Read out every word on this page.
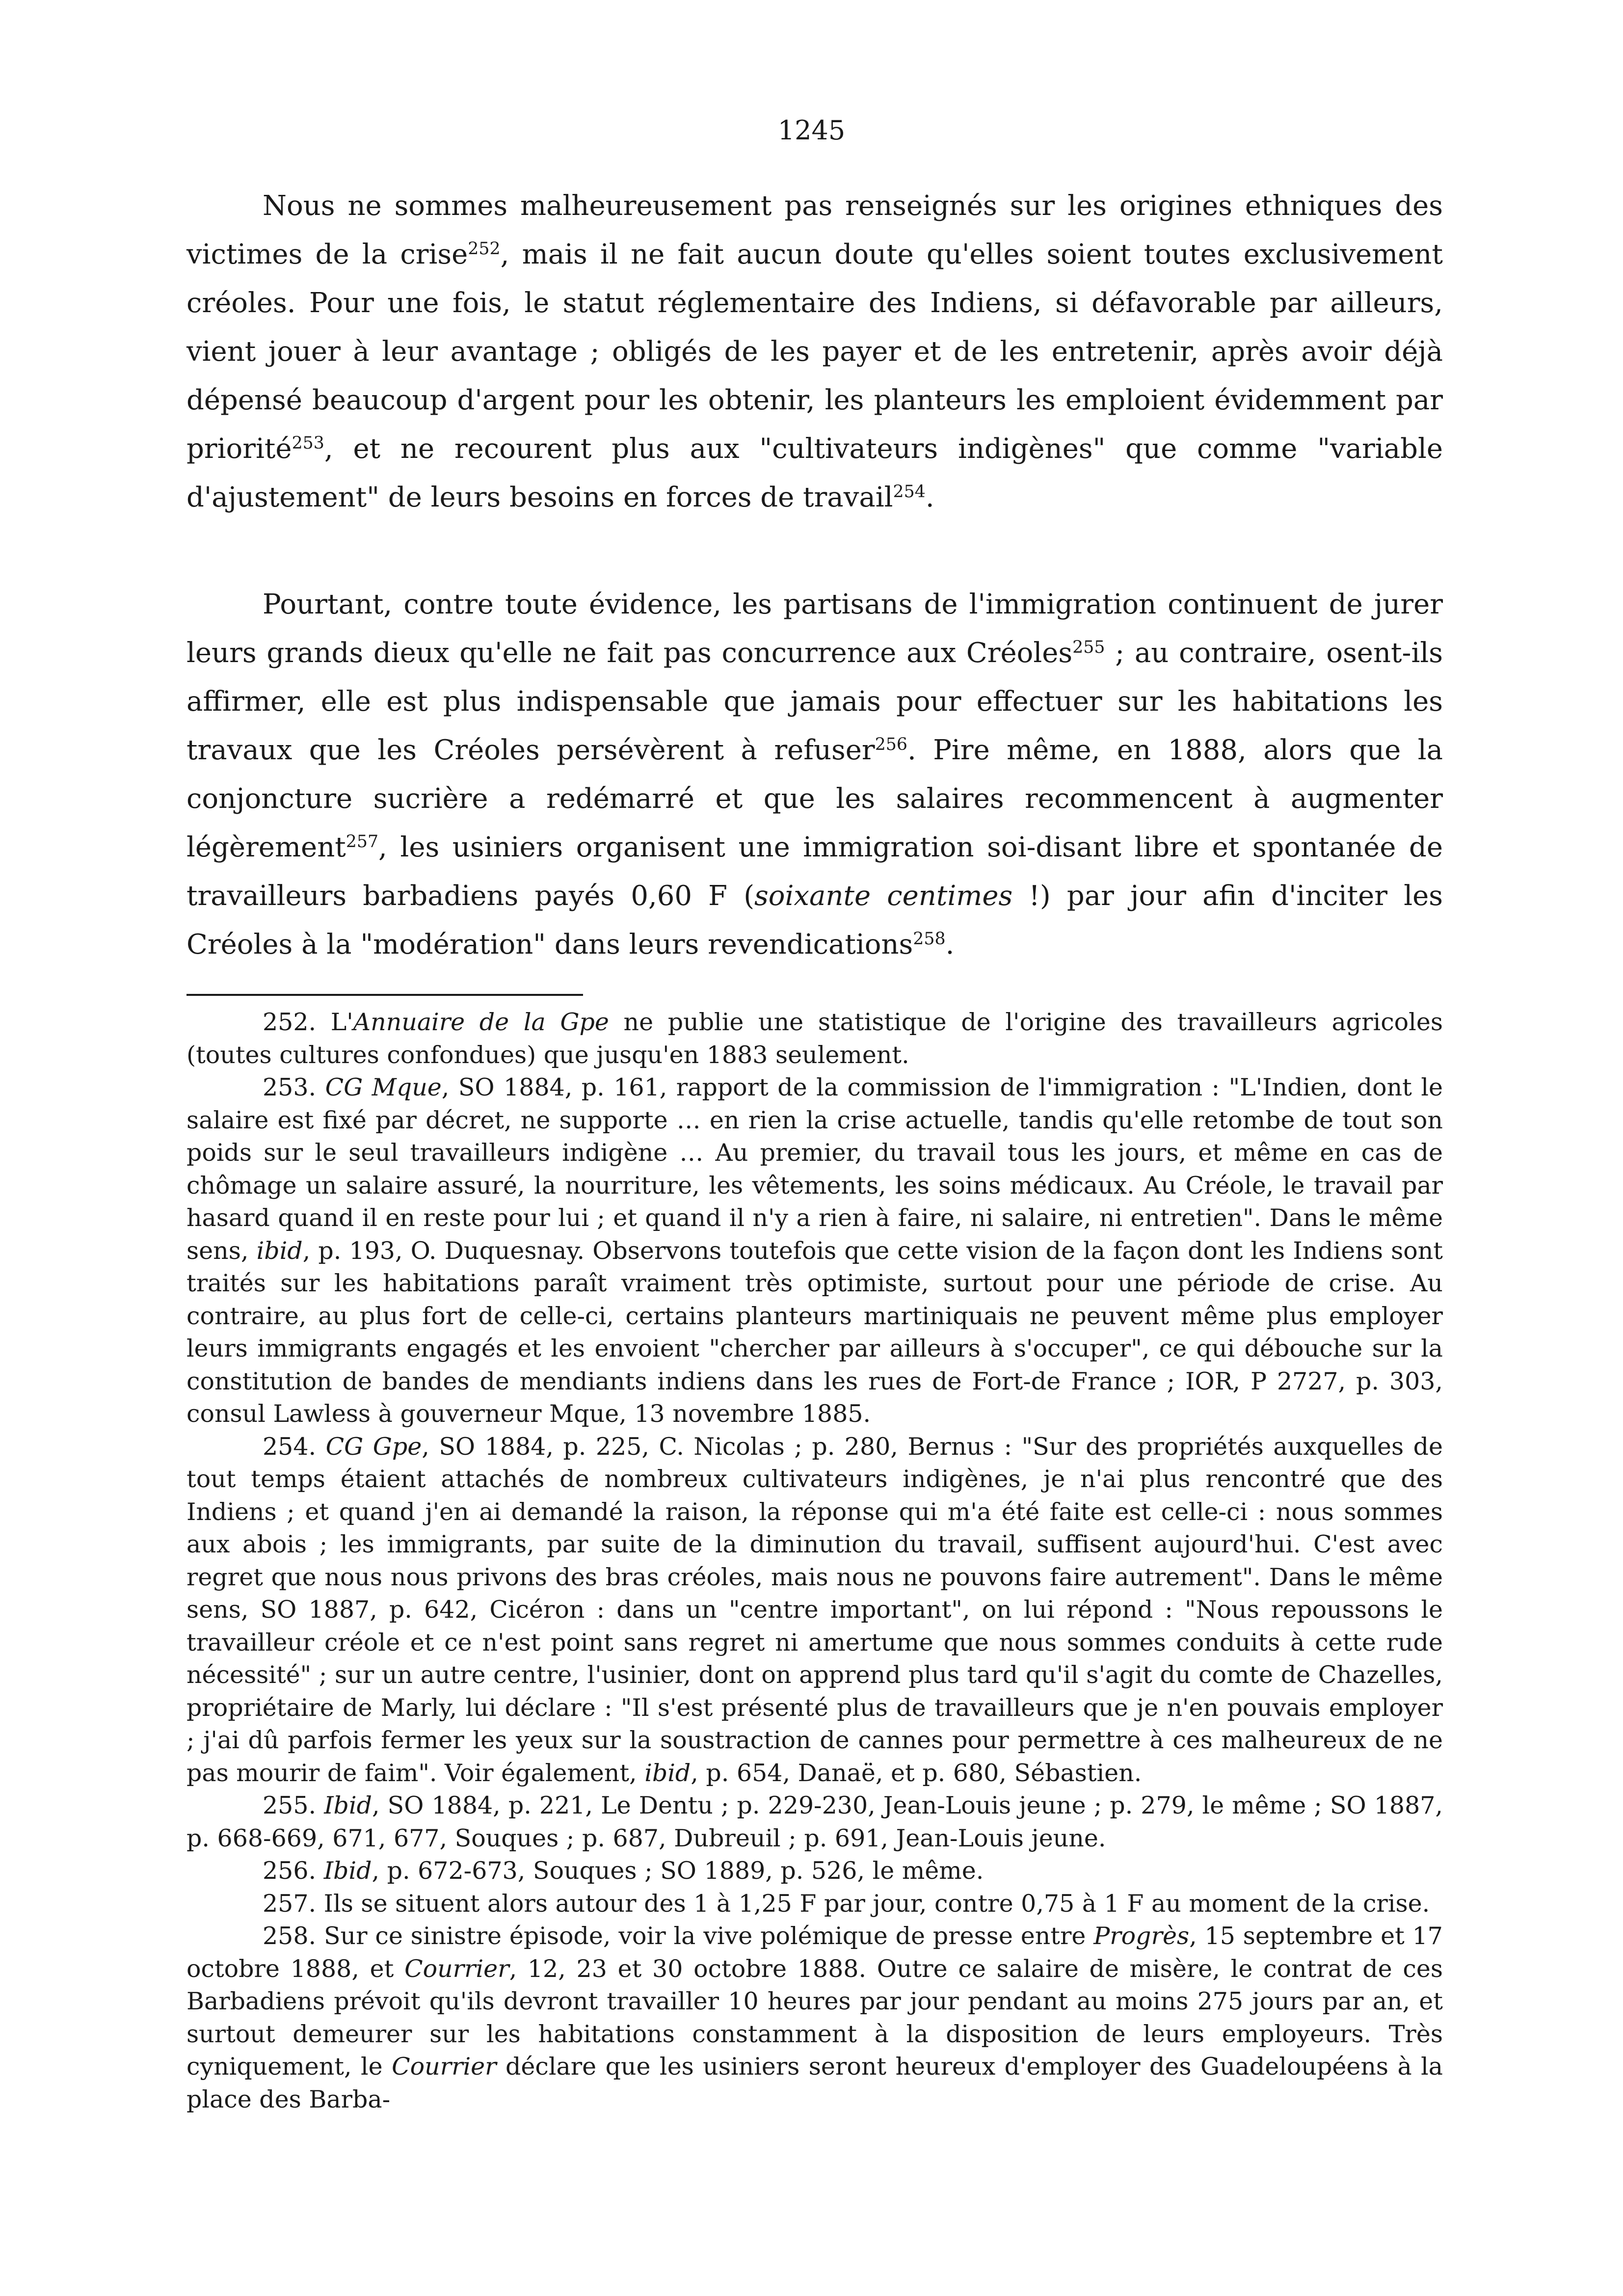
1245

Nous ne sommes malheureusement pas renseignés sur les origines ethniques des victimes de la crise$^{252}$, mais il ne fait aucun doute qu'elles soient toutes exclusivement créoles. Pour une fois, le statut réglementaire des Indiens, si défavorable par ailleurs, vient jouer à leur avantage ; obligés de les payer et de les entretenir, après avoir déjà dépensé beaucoup d'argent pour les obtenir, les planteurs les emploient évidemment par priorité$^{253}$, et ne recourent plus aux "cultivateurs indigènes" que comme "variable d'ajustement" de leurs besoins en forces de travail$^{254}$.

Pourtant, contre toute évidence, les partisans de l'immigration continuent de jurer leurs grands dieux qu'elle ne fait pas concurrence aux Créoles$^{255}$ ; au contraire, osent-ils affirmer, elle est plus indispensable que jamais pour effectuer sur les habitations les travaux que les Créoles persévèrent à refuser$^{256}$. Pire même, en 1888, alors que la conjoncture sucrière a redémarré et que les salaires recommencent à augmenter légèrement$^{257}$, les usiniers organisent une immigration soi-disant libre et spontanée de travailleurs barbadiens payés 0,60 F (soixante centimes !) par jour afin d'inciter les Créoles à la "modération" dans leurs revendications$^{258}$.

252. L'Annuaire de la Gpe ne publie une statistique de l'origine des travailleurs agricoles (toutes cultures confondues) que jusqu'en 1883 seulement.

253. CG Mque, SO 1884, p. 161, rapport de la commission de l'immigration : "L'Indien, dont le salaire est fixé par décret, ne supporte … en rien la crise actuelle, tandis qu'elle retombe de tout son poids sur le seul travailleurs indigène … Au premier, du travail tous les jours, et même en cas de chômage un salaire assuré, la nourriture, les vêtements, les soins médicaux. Au Créole, le travail par hasard quand il en reste pour lui ; et quand il n'y a rien à faire, ni salaire, ni entretien". Dans le même sens, ibid, p. 193, O. Duquesnay. Observons toutefois que cette vision de la façon dont les Indiens sont traités sur les habitations paraît vraiment très optimiste, surtout pour une période de crise. Au contraire, au plus fort de celle-ci, certains planteurs martiniquais ne peuvent même plus employer leurs immigrants engagés et les envoient "chercher par ailleurs à s'occuper", ce qui débouche sur la constitution de bandes de mendiants indiens dans les rues de Fort-de France ; IOR, P 2727, p. 303, consul Lawless à gouverneur Mque, 13 novembre 1885.

254. CG Gpe, SO 1884, p. 225, C. Nicolas ; p. 280, Bernus : "Sur des propriétés auxquelles de tout temps étaient attachés de nombreux cultivateurs indigènes, je n'ai plus rencontré que des Indiens ; et quand j'en ai demandé la raison, la réponse qui m'a été faite est celle-ci : nous sommes aux abois ; les immigrants, par suite de la diminution du travail, suffisent aujourd'hui. C'est avec regret que nous nous privons des bras créoles, mais nous ne pouvons faire autrement". Dans le même sens, SO 1887, p. 642, Cicéron : dans un "centre important", on lui répond : "Nous repoussons le travailleur créole et ce n'est point sans regret ni amertume que nous sommes conduits à cette rude nécessité" ; sur un autre centre, l'usinier, dont on apprend plus tard qu'il s'agit du comte de Chazelles, propriétaire de Marly, lui déclare : "Il s'est présenté plus de travailleurs que je n'en pouvais employer ; j'ai dû parfois fermer les yeux sur la soustraction de cannes pour permettre à ces malheureux de ne pas mourir de faim". Voir également, ibid, p. 654, Danaë, et p. 680, Sébastien.

255. Ibid, SO 1884, p. 221, Le Dentu ; p. 229-230, Jean-Louis jeune ; p. 279, le même ; SO 1887, p. 668-669, 671, 677, Souques ; p. 687, Dubreuil ; p. 691, Jean-Louis jeune.

256. Ibid, p. 672-673, Souques ; SO 1889, p. 526, le même.

257. Ils se situent alors autour des 1 à 1,25 F par jour, contre 0,75 à 1 F au moment de la crise.

258. Sur ce sinistre épisode, voir la vive polémique de presse entre Progrès, 15 septembre et 17 octobre 1888, et Courrier, 12, 23 et 30 octobre 1888. Outre ce salaire de misère, le contrat de ces Barbadiens prévoit qu'ils devront travailler 10 heures par jour pendant au moins 275 jours par an, et surtout demeurer sur les habitations constamment à la disposition de leurs employeurs. Très cyniquement, le Courrier déclare que les usiniers seront heureux d'employer des Guadeloupéens à la place des Barba-
